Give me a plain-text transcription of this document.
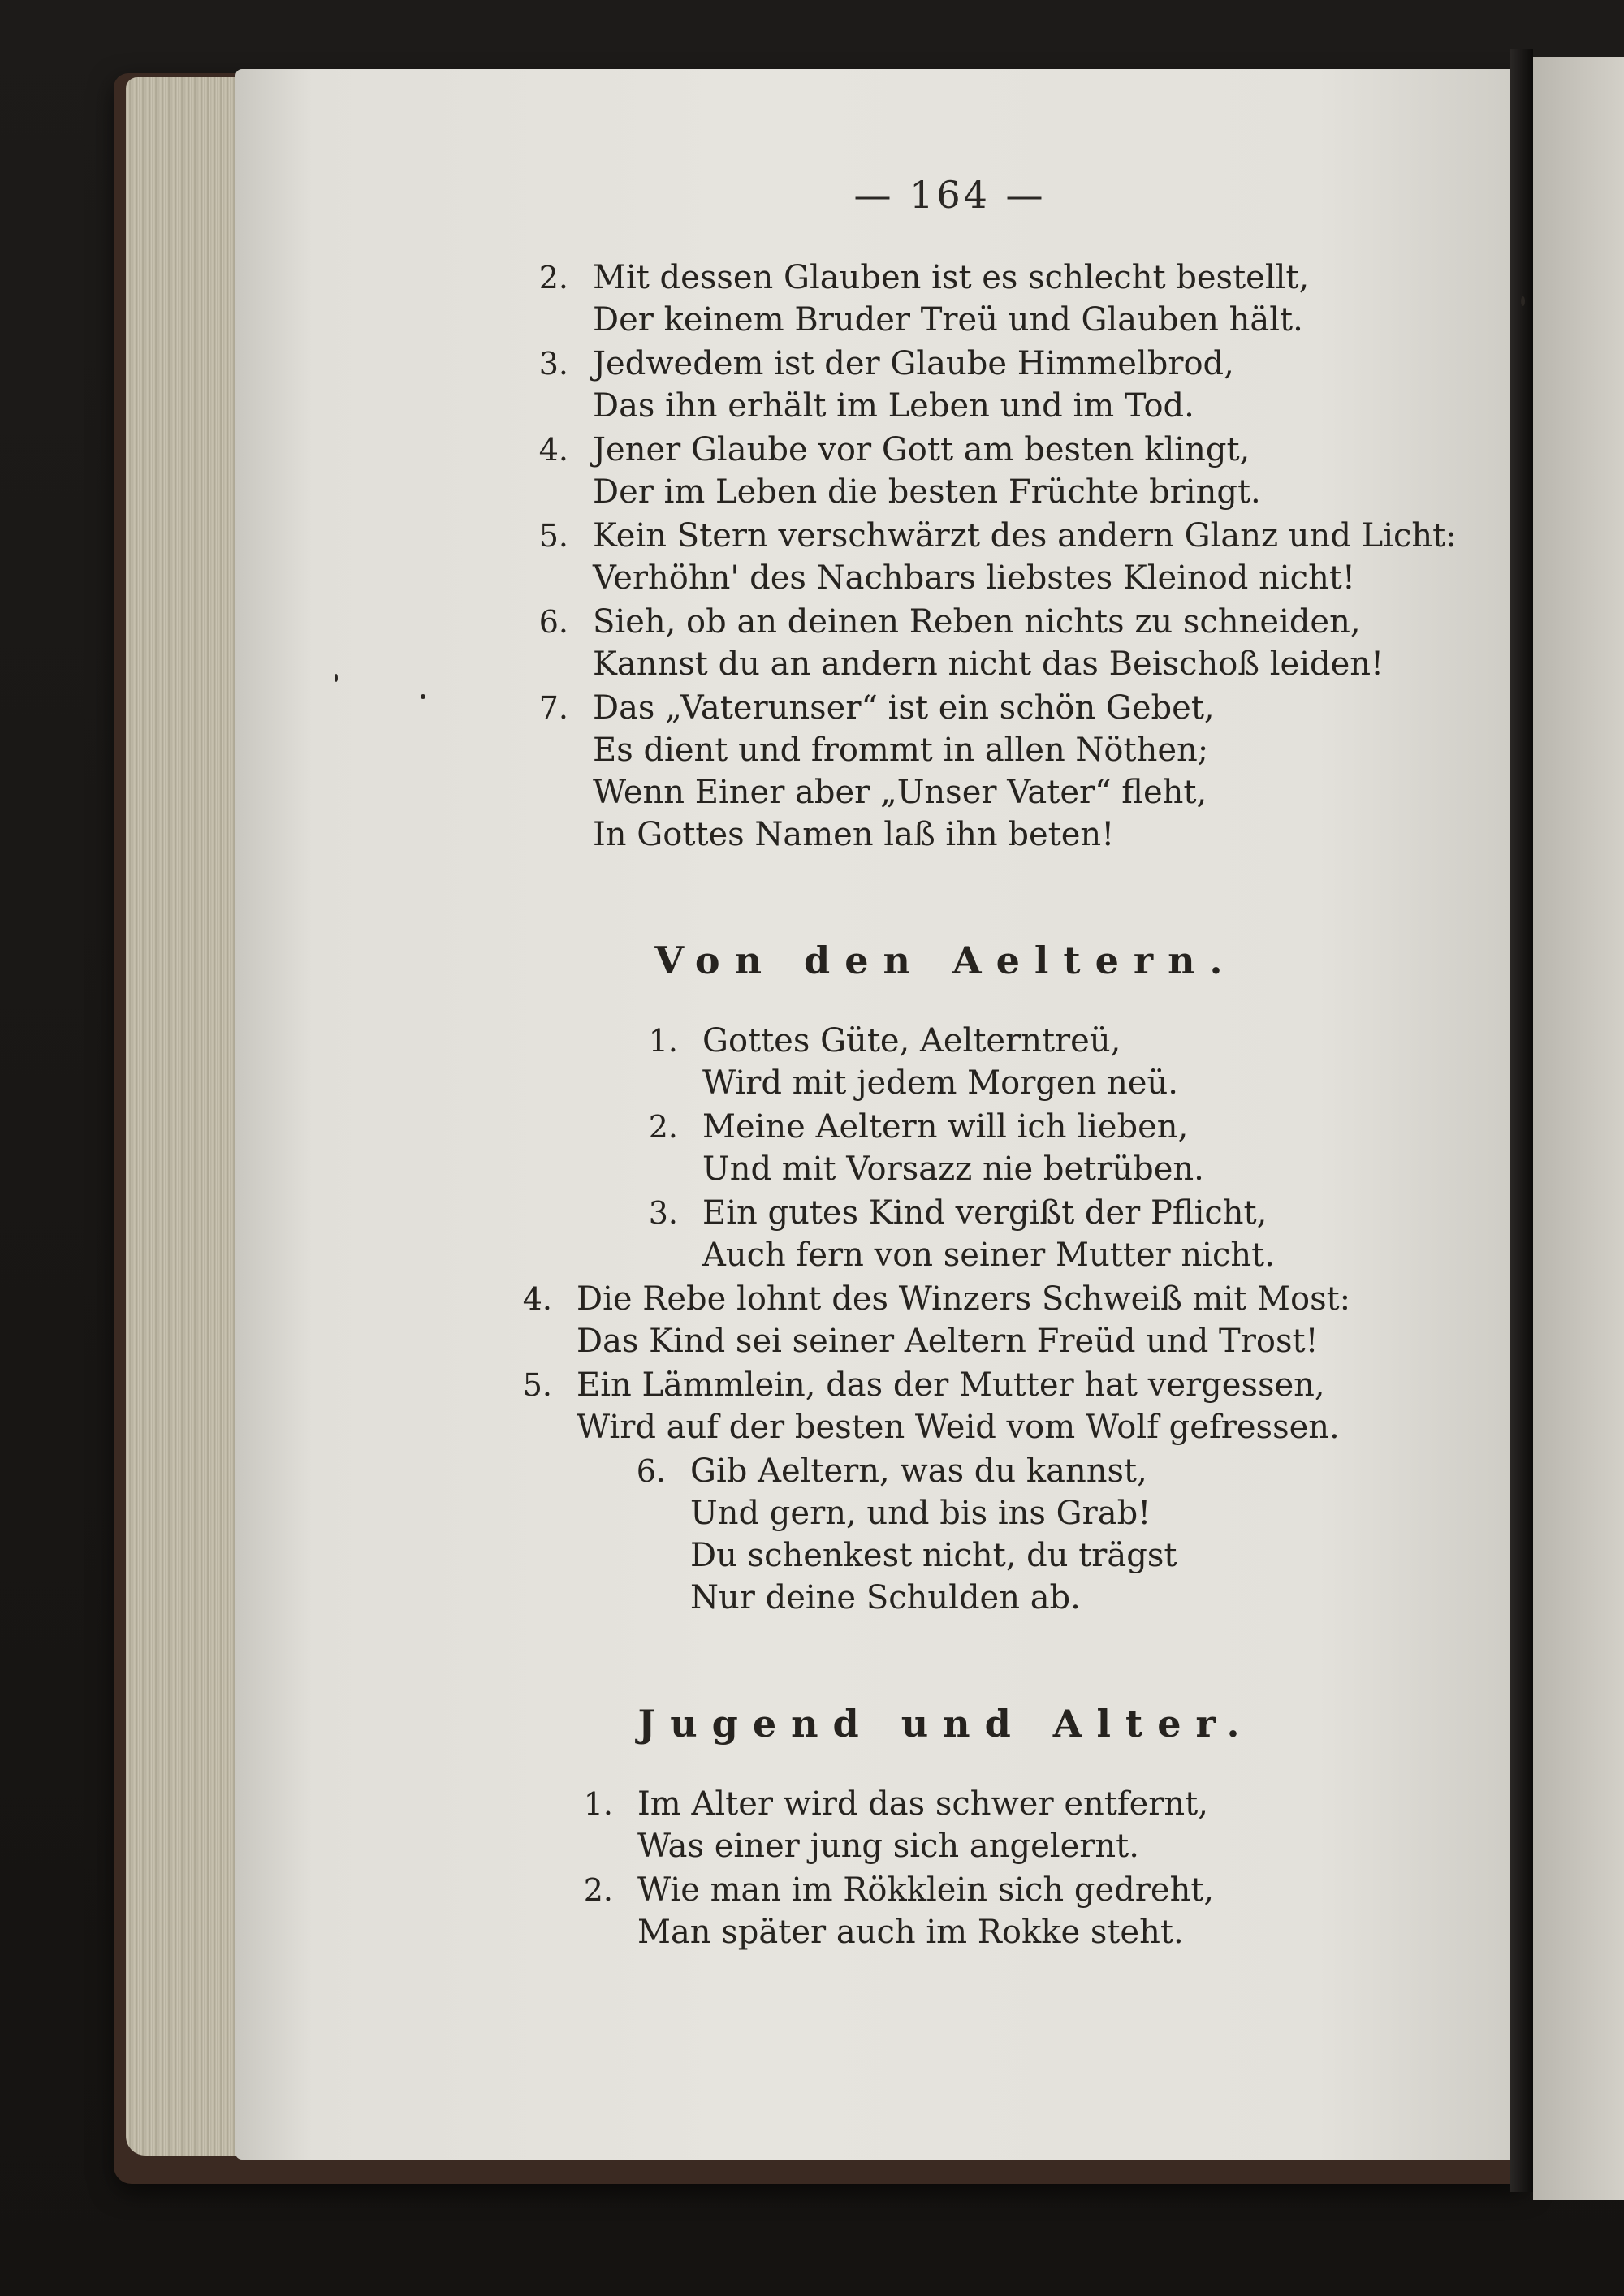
— 164 —
2. Mit dessen Glauben ist es schlecht bestellt,
Der keinem Bruder Treü und Glauben hält.
3. Jedwedem ist der Glaube Himmelbrod,
Das ihn erhält im Leben und im Tod.
4. Jener Glaube vor Gott am besten klingt,
Der im Leben die besten Früchte bringt.
5. Kein Stern verschwärzt des andern Glanz und Licht:
Verhöhn' des Nachbars liebstes Kleinod nicht!
6. Sieh, ob an deinen Reben nichts zu schneiden,
Kannst du an andern nicht das Beischoß leiden!
7. Das „Vaterunser“ ist ein schön Gebet,
Es dient und frommt in allen Nöthen;
Wenn Einer aber „Unser Vater“ fleht,
In Gottes Namen laß ihn beten!
Von den Aeltern.
1. Gottes Güte, Aelterntreü,
Wird mit jedem Morgen neü.
2. Meine Aeltern will ich lieben,
Und mit Vorsazz nie betrüben.
3. Ein gutes Kind vergißt der Pflicht,
Auch fern von seiner Mutter nicht.
4. Die Rebe lohnt des Winzers Schweiß mit Most:
Das Kind sei seiner Aeltern Freüd und Trost!
5. Ein Lämmlein, das der Mutter hat vergessen,
Wird auf der besten Weid vom Wolf gefressen.
6. Gib Aeltern, was du kannst,
Und gern, und bis ins Grab!
Du schenkest nicht, du trägst
Nur deine Schulden ab.
Jugend und Alter.
1. Im Alter wird das schwer entfernt,
Was einer jung sich angelernt.
2. Wie man im Rökklein sich gedreht,
Man später auch im Rokke steht.
